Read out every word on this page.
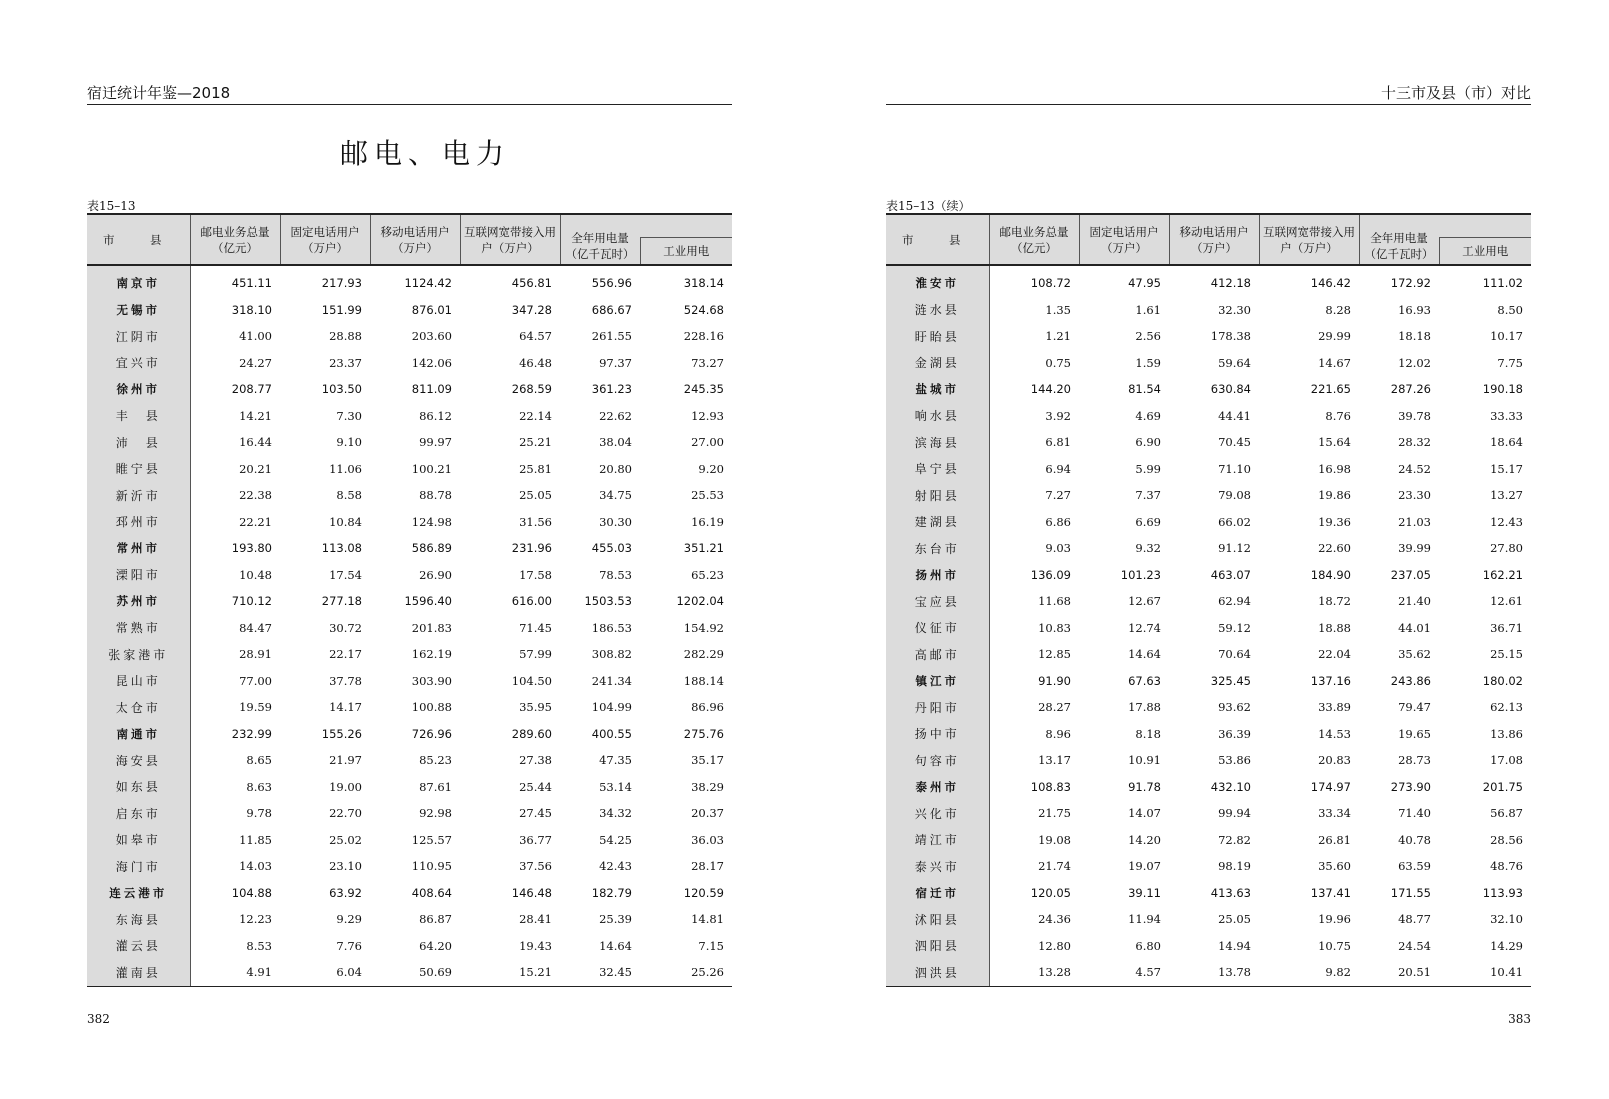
宿迁统计年鉴—2018
邮电、电力
表15–13
市　县	邮电业务总量（亿元）	固定电话用户（万户）	移动电话用户（万户）	互联网宽带接入用户（万户）	全年用电量（亿千瓦时）	
						工业用电
南京市	451.11	217.93	1124.42	456.81	556.96	318.14
无锡市	318.10	151.99	876.01	347.28	686.67	524.68
江阴市	41.00	28.88	203.60	64.57	261.55	228.16
宜兴市	24.27	23.37	142.06	46.48	97.37	73.27
徐州市	208.77	103.50	811.09	268.59	361.23	245.35
丰　县	14.21	7.30	86.12	22.14	22.62	12.93
沛　县	16.44	9.10	99.97	25.21	38.04	27.00
睢宁县	20.21	11.06	100.21	25.81	20.80	9.20
新沂市	22.38	8.58	88.78	25.05	34.75	25.53
邳州市	22.21	10.84	124.98	31.56	30.30	16.19
常州市	193.80	113.08	586.89	231.96	455.03	351.21
溧阳市	10.48	17.54	26.90	17.58	78.53	65.23
苏州市	710.12	277.18	1596.40	616.00	1503.53	1202.04
常熟市	84.47	30.72	201.83	71.45	186.53	154.92
张家港市	28.91	22.17	162.19	57.99	308.82	282.29
昆山市	77.00	37.78	303.90	104.50	241.34	188.14
太仓市	19.59	14.17	100.88	35.95	104.99	86.96
南通市	232.99	155.26	726.96	289.60	400.55	275.76
海安县	8.65	21.97	85.23	27.38	47.35	35.17
如东县	8.63	19.00	87.61	25.44	53.14	38.29
启东市	9.78	22.70	92.98	27.45	34.32	20.37
如皋市	11.85	25.02	125.57	36.77	54.25	36.03
海门市	14.03	23.10	110.95	37.56	42.43	28.17
连云港市	104.88	63.92	408.64	146.48	182.79	120.59
东海县	12.23	9.29	86.87	28.41	25.39	14.81
灌云县	8.53	7.76	64.20	19.43	14.64	7.15
灌南县	4.91	6.04	50.69	15.21	32.45	25.26
382
十三市及县（市）对比
表15–13（续）
市　县	邮电业务总量（亿元）	固定电话用户（万户）	移动电话用户（万户）	互联网宽带接入用户（万户）	全年用电量（亿千瓦时）	
						工业用电
淮安市	108.72	47.95	412.18	146.42	172.92	111.02
涟水县	1.35	1.61	32.30	8.28	16.93	8.50
盱眙县	1.21	2.56	178.38	29.99	18.18	10.17
金湖县	0.75	1.59	59.64	14.67	12.02	7.75
盐城市	144.20	81.54	630.84	221.65	287.26	190.18
响水县	3.92	4.69	44.41	8.76	39.78	33.33
滨海县	6.81	6.90	70.45	15.64	28.32	18.64
阜宁县	6.94	5.99	71.10	16.98	24.52	15.17
射阳县	7.27	7.37	79.08	19.86	23.30	13.27
建湖县	6.86	6.69	66.02	19.36	21.03	12.43
东台市	9.03	9.32	91.12	22.60	39.99	27.80
扬州市	136.09	101.23	463.07	184.90	237.05	162.21
宝应县	11.68	12.67	62.94	18.72	21.40	12.61
仪征市	10.83	12.74	59.12	18.88	44.01	36.71
高邮市	12.85	14.64	70.64	22.04	35.62	25.15
镇江市	91.90	67.63	325.45	137.16	243.86	180.02
丹阳市	28.27	17.88	93.62	33.89	79.47	62.13
扬中市	8.96	8.18	36.39	14.53	19.65	13.86
句容市	13.17	10.91	53.86	20.83	28.73	17.08
泰州市	108.83	91.78	432.10	174.97	273.90	201.75
兴化市	21.75	14.07	99.94	33.34	71.40	56.87
靖江市	19.08	14.20	72.82	26.81	40.78	28.56
泰兴市	21.74	19.07	98.19	35.60	63.59	48.76
宿迁市	120.05	39.11	413.63	137.41	171.55	113.93
沭阳县	24.36	11.94	25.05	19.96	48.77	32.10
泗阳县	12.80	6.80	14.94	10.75	24.54	14.29
泗洪县	13.28	4.57	13.78	9.82	20.51	10.41
383
